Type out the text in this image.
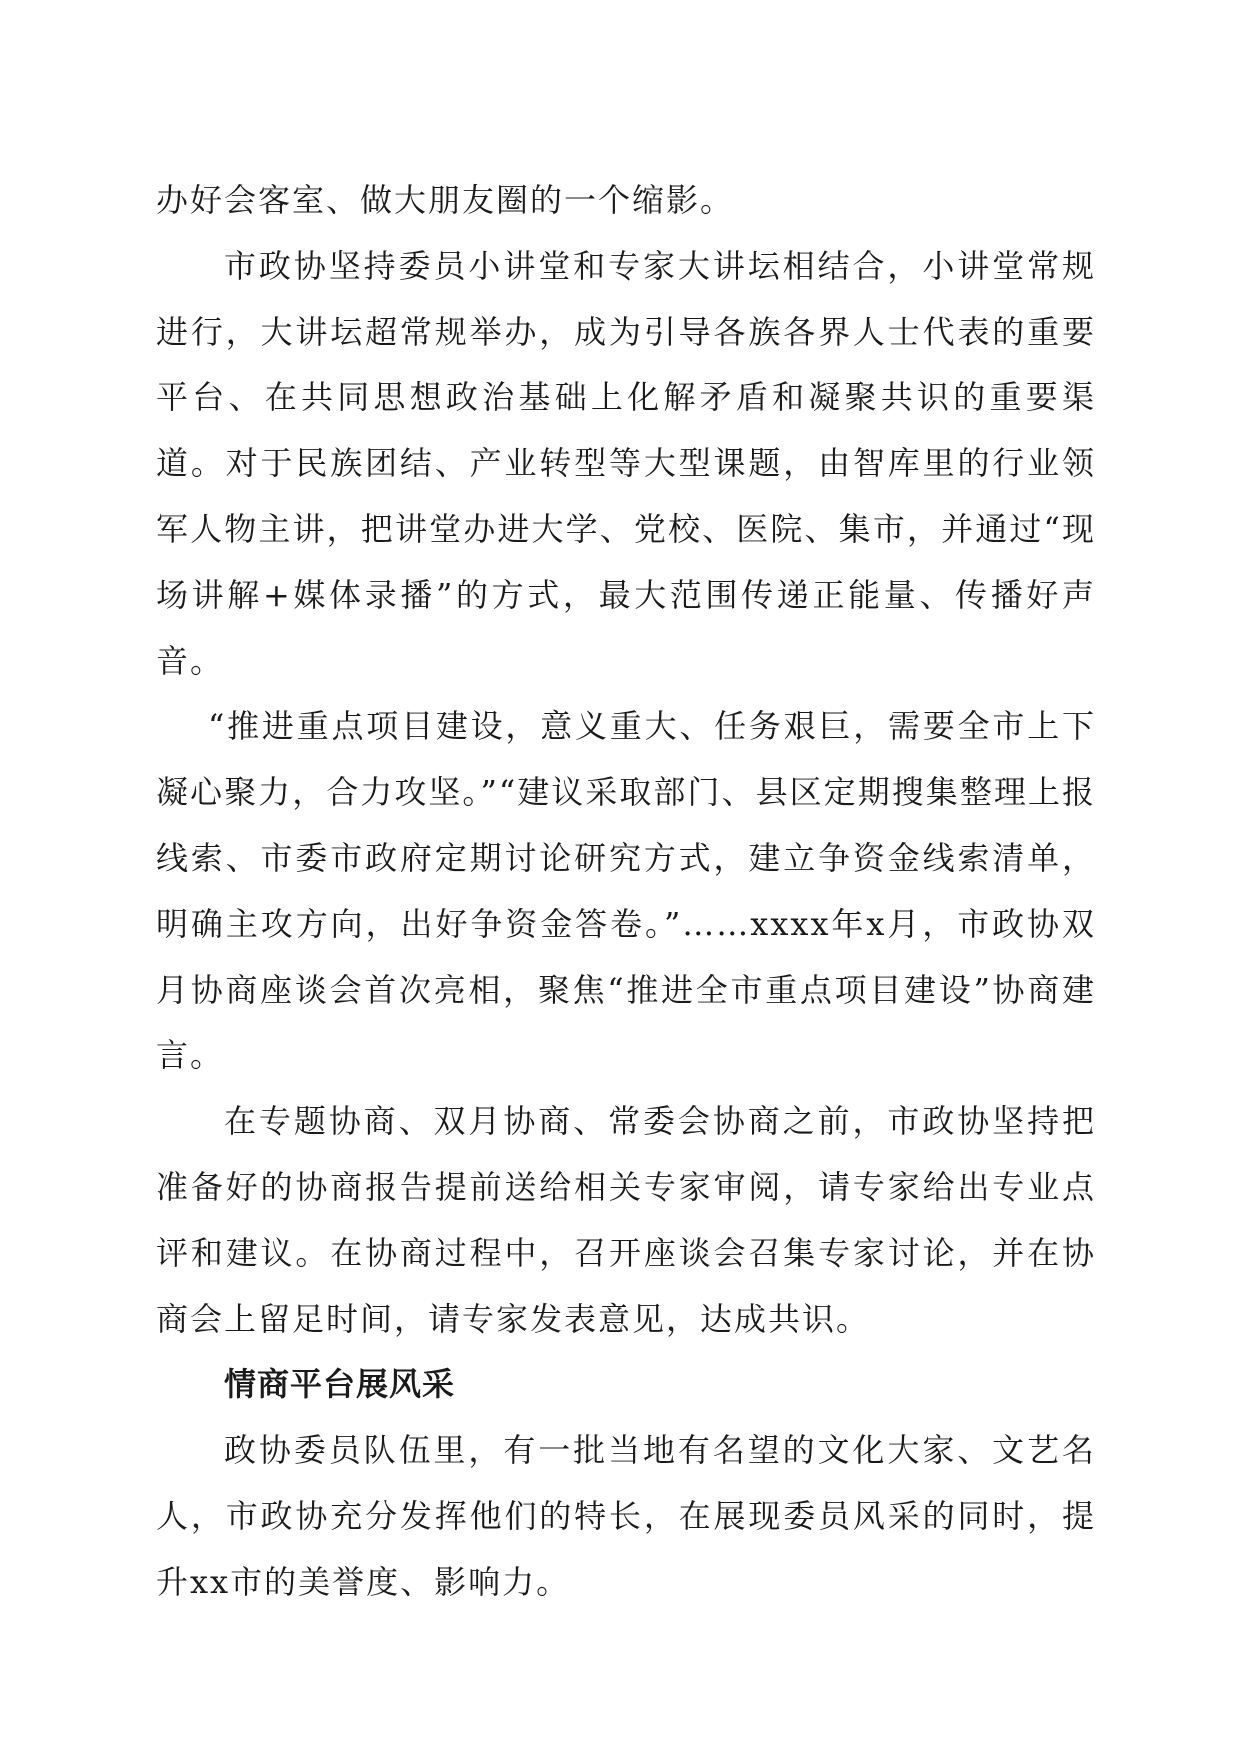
办好会客室、做大朋友圈的一个缩影。

市政协坚持委员小讲堂和专家大讲坛相结合，小讲堂常规进行，大讲坛超常规举办，成为引导各族各界人士代表的重要平台、在共同思想政治基础上化解矛盾和凝聚共识的重要渠道。对于民族团结、产业转型等大型课题，由智库里的行业领军人物主讲，把讲堂办进大学、党校、医院、集市，并通过“现场讲解+媒体录播”的方式，最大范围传递正能量、传播好声音。

“推进重点项目建设，意义重大、任务艰巨，需要全市上下凝心聚力，合力攻坚。”“建议采取部门、县区定期搜集整理上报线索、市委市政府定期讨论研究方式，建立争资金线索清单，明确主攻方向，出好争资金答卷。”……xxxx年x月，市政协双月协商座谈会首次亮相，聚焦“推进全市重点项目建设”协商建言。

在专题协商、双月协商、常委会协商之前，市政协坚持把准备好的协商报告提前送给相关专家审阅，请专家给出专业点评和建议。在协商过程中，召开座谈会召集专家讨论，并在协商会上留足时间，请专家发表意见，达成共识。

情商平台展风采

政协委员队伍里，有一批当地有名望的文化大家、文艺名人，市政协充分发挥他们的特长，在展现委员风采的同时，提升xx市的美誉度、影响力。
